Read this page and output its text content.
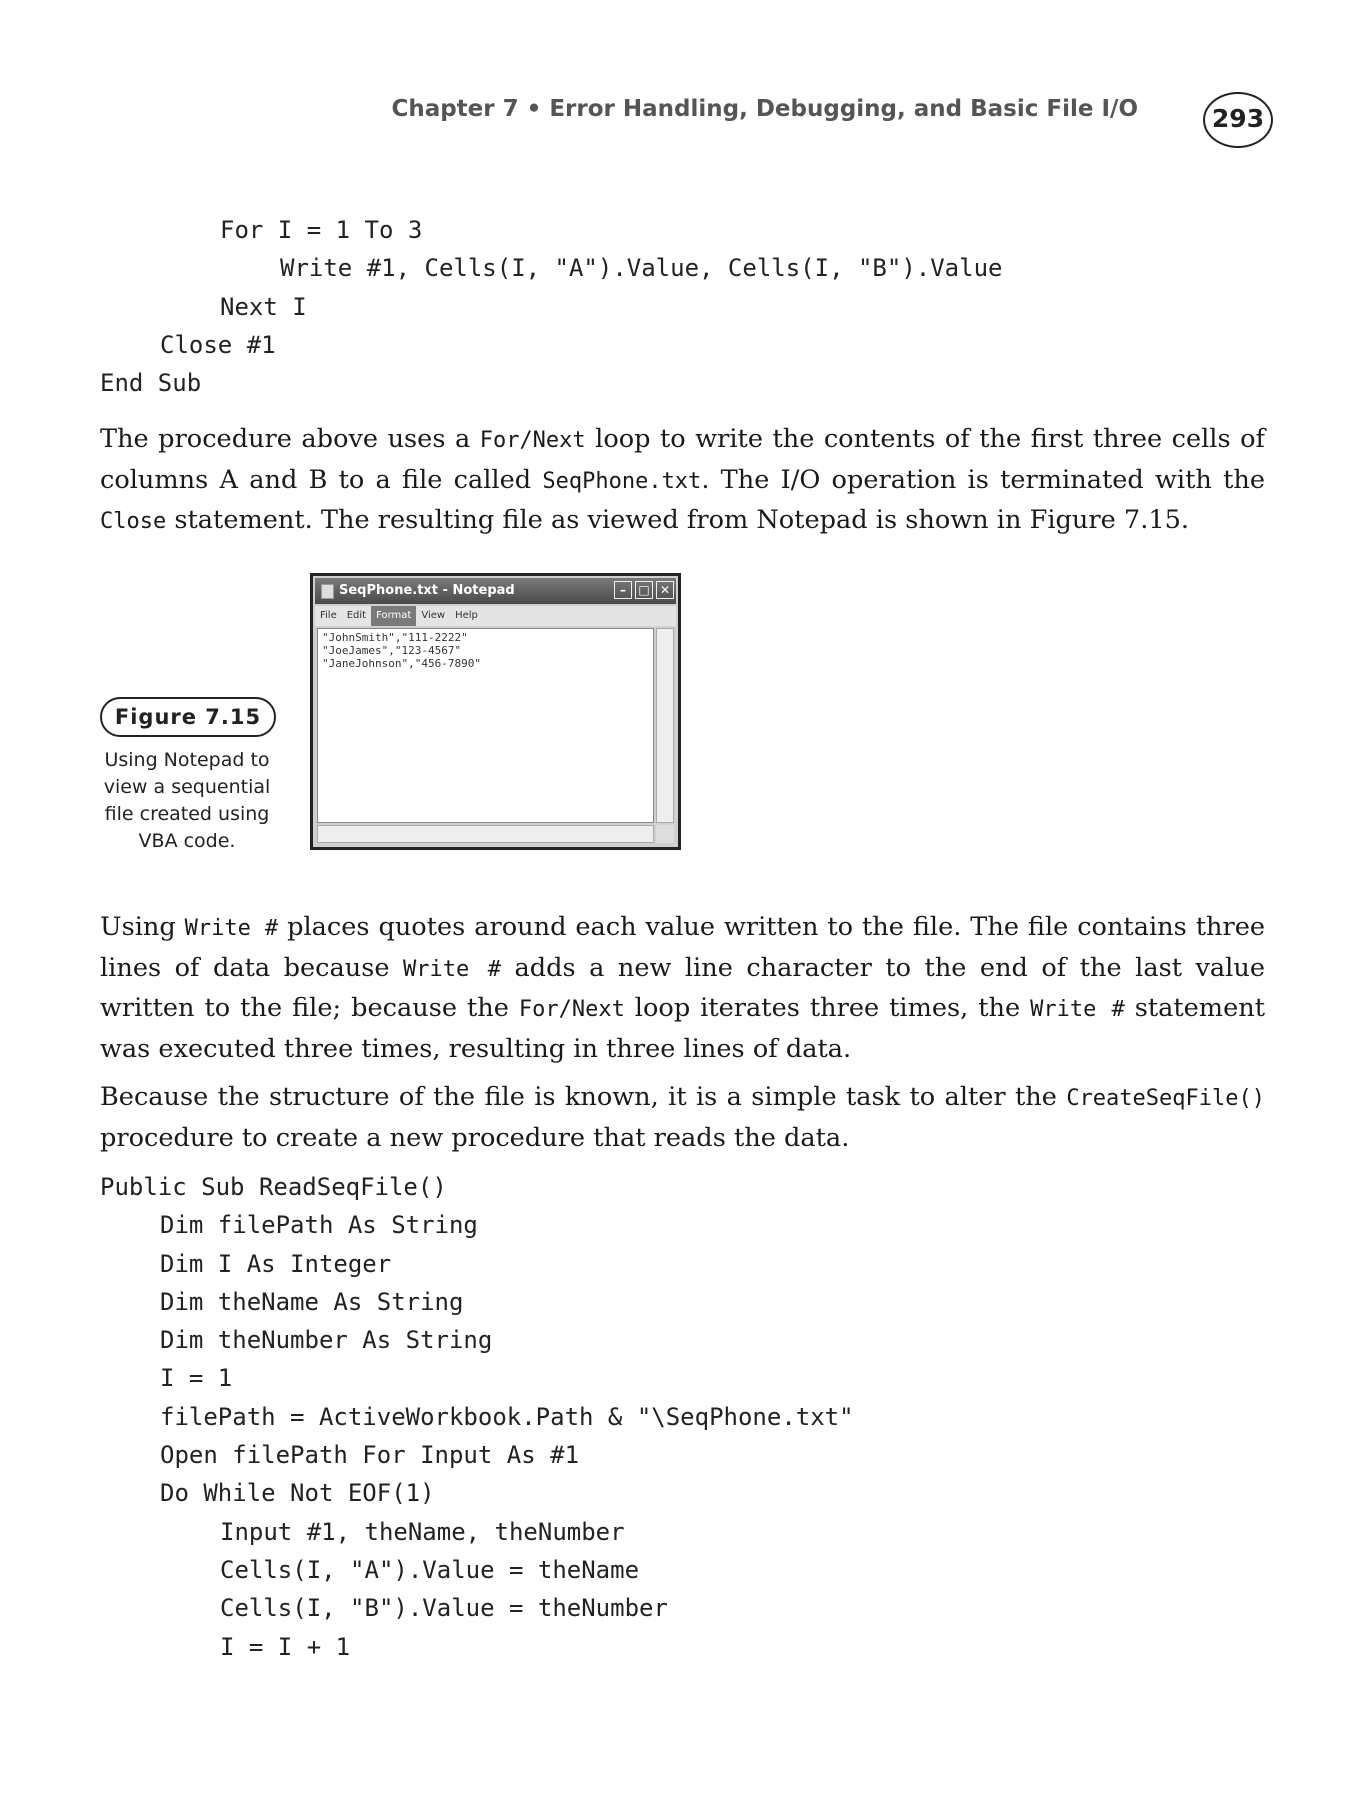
Chapter 7 • Error Handling, Debugging, and Basic File I/O	293
For I = 1 To 3
Write #1, Cells(I, "A").Value, Cells(I, "B").Value
Next I
Close #1
End Sub

The procedure above uses a For/Next loop to write the contents of the first three cells of columns A and B to a file called SeqPhone.txt. The I/O operation is terminated with the Close statement. The resulting file as viewed from Notepad is shown in Figure 7.15.

Figure 7.15
Using Notepad to view a sequential file created using VBA code.
SeqPhone.txt - Notepad	–	□ ✕
File Edit Format View Help
"JohnSmith","111-2222"
"JoeJames","123-4567"
"JaneJohnson","456-7890"

Using Write # places quotes around each value written to the file. The file contains three lines of data because Write # adds a new line character to the end of the last value written to the file; because the For/Next loop iterates three times, the Write # statement was executed three times, resulting in three lines of data.

Because the structure of the file is known, it is a simple task to alter the CreateSeqFile() procedure to create a new procedure that reads the data.

Public Sub ReadSeqFile()
Dim filePath As String
Dim I As Integer
Dim theName As String
Dim theNumber As String
I = 1
filePath = ActiveWorkbook.Path & "\SeqPhone.txt"
Open filePath For Input As #1
Do While Not EOF(1)
Input #1, theName, theNumber
Cells(I, "A").Value = theName
Cells(I, "B").Value = theNumber
I = I + 1
